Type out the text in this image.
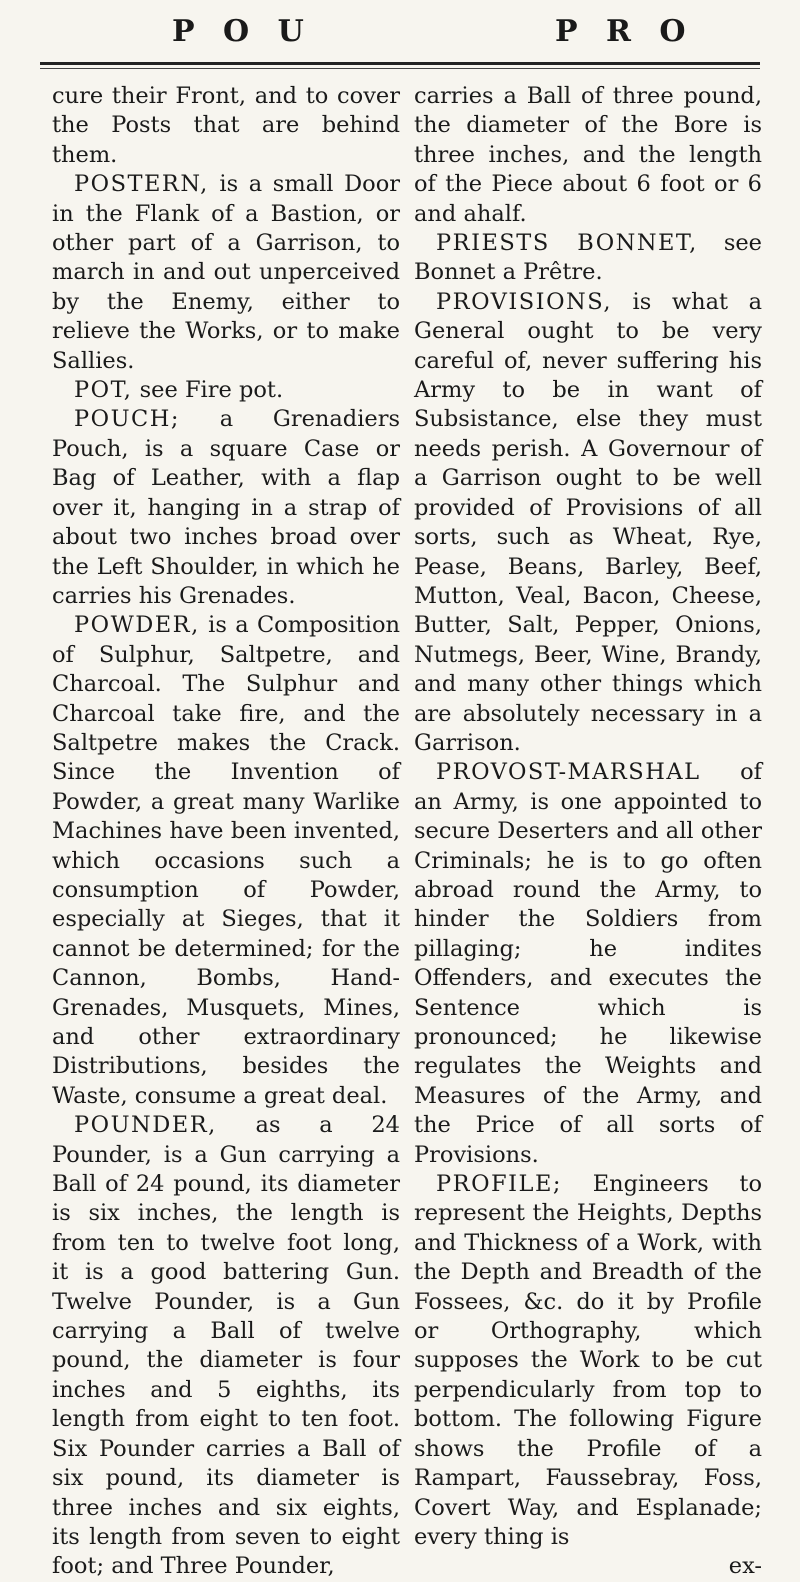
P O U	P R O

cure their Front, and to cover the Posts that are behind them.

POSTERN, is a small Door in the Flank of a Bastion, or other part of a Garrison, to march in and out unperceived by the Enemy, either to relieve the Works, or to make Sallies.

POT, see Fire pot.

POUCH; a Grenadiers Pouch, is a square Case or Bag of Leather, with a flap over it, hanging in a strap of about two inches broad over the Left Shoulder, in which he carries his Grenades.

POWDER, is a Composition of Sulphur, Saltpetre, and Charcoal. The Sulphur and Charcoal take fire, and the Saltpetre makes the Crack. Since the Invention of Powder, a great many Warlike Machines have been invented, which occasions such a consumption of Powder, especially at Sieges, that it cannot be determined; for the Cannon, Bombs, Hand-Grenades, Musquets, Mines, and other extraordinary Distributions, besides the Waste, consume a great deal.

POUNDER, as a 24 Pounder, is a Gun carrying a Ball of 24 pound, its diameter is six inches, the length is from ten to twelve foot long, it is a good battering Gun. Twelve Pounder, is a Gun carrying a Ball of twelve pound, the diameter is four inches and 5 eighths, its length from eight to ten foot. Six Pounder carries a Ball of six pound, its diameter is three inches and six eights, its length from seven to eight foot; and Three Pounder,

carries a Ball of three pound, the diameter of the Bore is three inches, and the length of the Piece about 6 foot or 6 and ahalf.

PRIESTS BONNET, see Bonnet a Prêtre.

PROVISIONS, is what a General ought to be very careful of, never suffering his Army to be in want of Subsistance, else they must needs perish. A Governour of a Garrison ought to be well provided of Provisions of all sorts, such as Wheat, Rye, Pease, Beans, Barley, Beef, Mutton, Veal, Bacon, Cheese, Butter, Salt, Pepper, Onions, Nutmegs, Beer, Wine, Brandy, and many other things which are absolutely necessary in a Garrison.

PROVOST-MARSHAL of an Army, is one appointed to secure Deserters and all other Criminals; he is to go often abroad round the Army, to hinder the Soldiers from pillaging; he indites Offenders, and executes the Sentence which is pronounced; he likewise regulates the Weights and Measures of the Army, and the Price of all sorts of Provisions.

PROFILE; Engineers to represent the Heights, Depths and Thickness of a Work, with the Depth and Breadth of the Fossees, &c. do it by Profile or Orthography, which supposes the Work to be cut perpendicularly from top to bottom. The following Figure shows the Profile of a Rampart, Faussebray, Foss, Covert Way, and Esplanade; every thing is

ex-
